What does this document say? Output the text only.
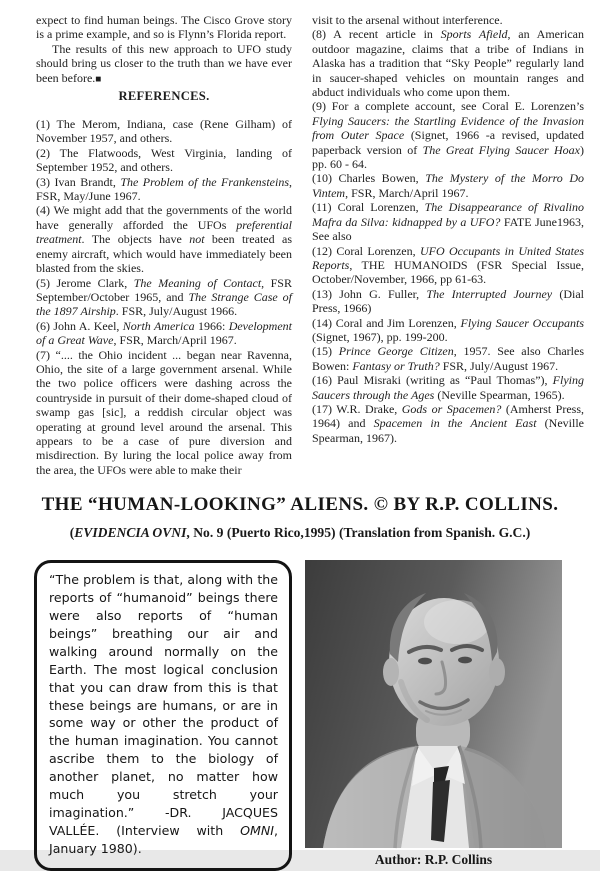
expect to find human beings. The Cisco Grove story is a prime example, and so is Flynn’s Florida report.

The results of this new approach to UFO study should bring us closer to the truth than we have ever been before.■

REFERENCES.

(1) The Merom, Indiana, case (Rene Gilham) of November 1957, and others.

(2) The Flatwoods, West Virginia, landing of September 1952, and others.

(3) Ivan Brandt, The Problem of the Frankensteins, FSR, May/June 1967.

(4) We might add that the governments of the world have generally afforded the UFOs preferential treatment. The objects have not been treated as enemy aircraft, which would have immediately been blasted from the skies.

(5) Jerome Clark, The Meaning of Contact, FSR September/October 1965, and The Strange Case of the 1897 Airship. FSR, July/August 1966.

(6) John A. Keel, North America 1966: Development of a Great Wave, FSR, March/April 1967.

(7) “.... the Ohio incident ... began near Ravenna, Ohio, the site of a large government arsenal. While the two police officers were dashing across the countryside in pursuit of their dome-shaped cloud of swamp gas [sic], a reddish circular object was operating at ground level around the arsenal. This appears to be a case of pure diversion and misdirection. By luring the local police away from the area, the UFOs were able to make their

visit to the arsenal without interference.

(8) A recent article in Sports Afield, an American outdoor magazine, claims that a tribe of Indians in Alaska has a tradition that “Sky People” regularly land in saucer-shaped vehicles on mountain ranges and abduct individuals who come upon them.

(9) For a complete account, see Coral E. Lorenzen’s Flying Saucers: the Startling Evidence of the Invasion from Outer Space (Signet, 1966 -a revised, updated paperback version of The Great Flying Saucer Hoax) pp. 60 - 64.

(10) Charles Bowen, The Mystery of the Morro Do Vintem, FSR, March/April 1967.

(11) Coral Lorenzen, The Disappearance of Rivalino Mafra da Silva: kidnapped by a UFO? FATE June1963, See also

(12) Coral Lorenzen, UFO Occupants in United States Reports, THE HUMANOIDS (FSR Special Issue, October/November, 1966, pp 61-63.

(13) John G. Fuller, The Interrupted Journey (Dial Press, 1966)

(14) Coral and Jim Lorenzen, Flying Saucer Occupants (Signet, 1967), pp. 199-200.

(15) Prince George Citizen, 1957. See also Charles Bowen: Fantasy or Truth? FSR, July/August 1967.

(16) Paul Misraki (writing as “Paul Thomas”), Flying Saucers through the Ages (Neville Spearman, 1965).

(17) W.R. Drake, Gods or Spacemen? (Amherst Press, 1964) and Spacemen in the Ancient East (Neville Spearman, 1967).

THE “HUMAN-LOOKING” ALIENS. © BY R.P. COLLINS.
(EVIDENCIA OVNI, No. 9 (Puerto Rico,1995) (Translation from Spanish. G.C.)
“The problem is that, along with the reports of “humanoid” beings there were also reports of “human beings” breathing our air and walking around normally on the Earth. The most logical conclusion that you can draw from this is that these beings are humans, or are in some way or other the product of the human imagination. You cannot ascribe them to the biology of another planet, no matter how much you stretch your imagination.” -DR. JACQUES VALLÉE. (Interview with OMNI, January 1980).
Author: R.P. Collins
